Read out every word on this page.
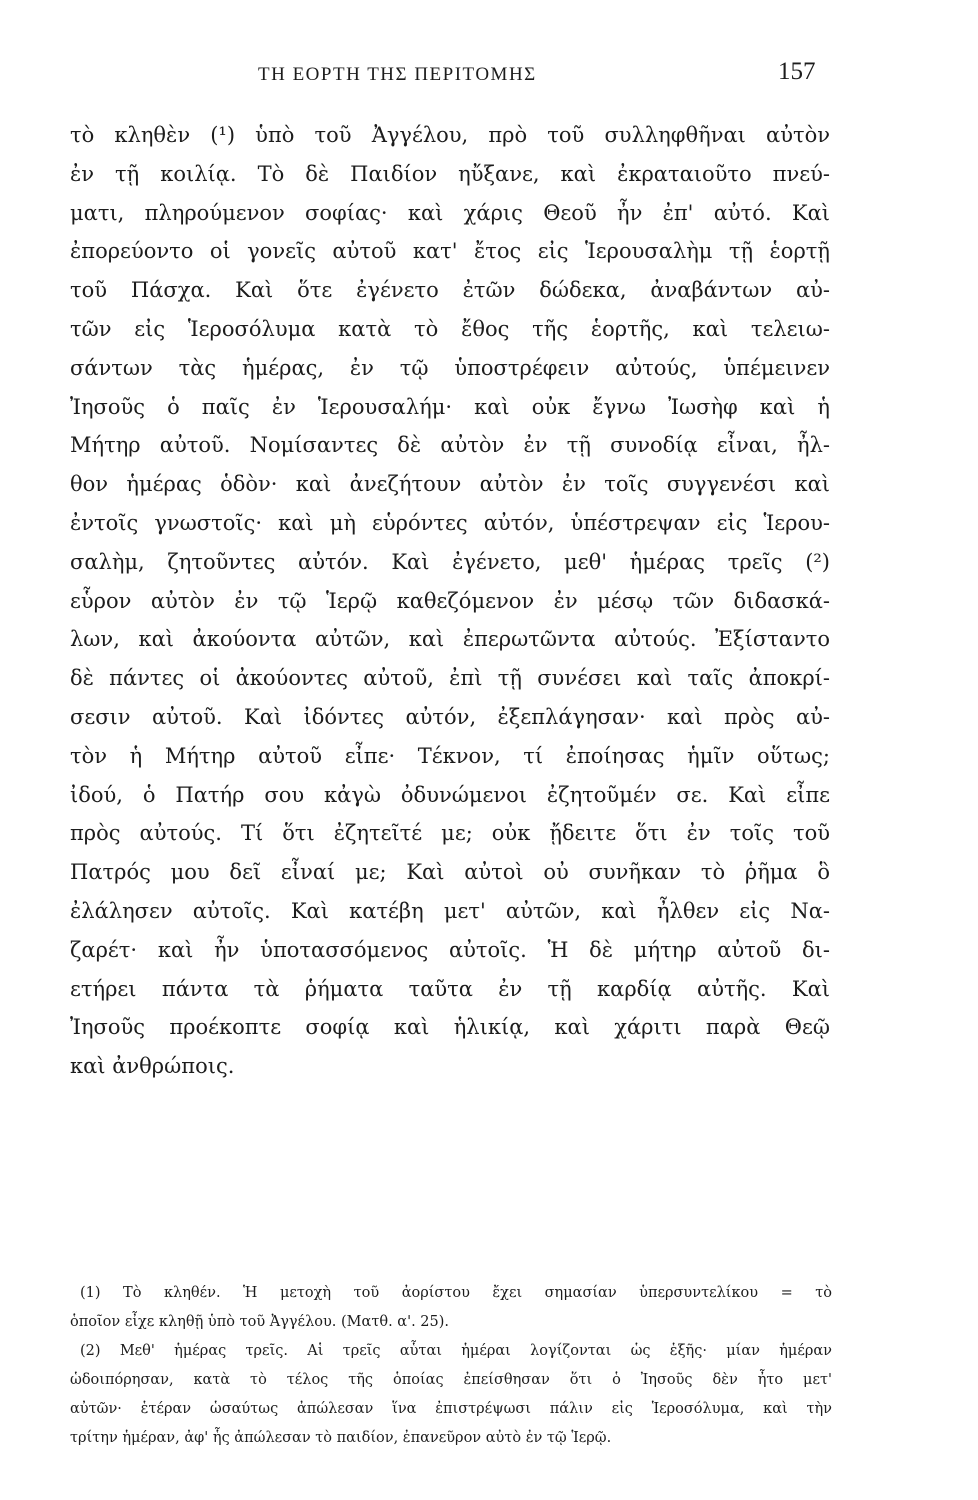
ΤΗ ΕΟΡΤΗ ΤΗΣ ΠΕΡΙΤΟΜΗΣ	157
τὸ κληθὲν (¹) ὑπὸ τοῦ Ἀγγέλου, πρὸ τοῦ συλληφθῆναι αὐτὸν
ἐν τῇ κοιλίᾳ. Τὸ δὲ Παιδίον ηὔξανε, καὶ ἐκραταιοῦτο πνεύ-
ματι, πληρούμενον σοφίας· καὶ χάρις Θεοῦ ἦν ἐπ' αὐτό. Καὶ
ἐπορεύοντο οἱ γονεῖς αὐτοῦ κατ' ἔτος εἰς Ἱερουσαλὴμ τῇ ἑορτῇ
τοῦ Πάσχα. Καὶ ὅτε ἐγένετο ἐτῶν δώδεκα, ἀναβάντων αὐ-
τῶν εἰς Ἱεροσόλυμα κατὰ τὸ ἔθος τῆς ἑορτῆς, καὶ τελειω-
σάντων τὰς ἡμέρας, ἐν τῷ ὑποστρέφειν αὐτούς, ὑπέμεινεν
Ἰησοῦς ὁ παῖς ἐν Ἱερουσαλήμ· καὶ οὐκ ἔγνω Ἰωσὴφ καὶ ἡ
Μήτηρ αὐτοῦ. Νομίσαντες δὲ αὐτὸν ἐν τῇ συνοδίᾳ εἶναι, ἦλ-
θον ἡμέρας ὁδὸν· καὶ ἀνεζήτουν αὐτὸν ἐν τοῖς συγγενέσι καὶ
ἐντοῖς γνωστοῖς· καὶ μὴ εὑρόντες αὐτόν, ὑπέστρεψαν εἰς Ἱερου-
σαλὴμ, ζητοῦντες αὐτόν. Καὶ ἐγένετο, μεθ' ἡμέρας τρεῖς (²)
εὗρον αὐτὸν ἐν τῷ Ἱερῷ καθεζόμενον ἐν μέσῳ τῶν διδασκά-
λων, καὶ ἀκούοντα αὐτῶν, καὶ ἐπερωτῶντα αὐτούς. Ἐξίσταντο
δὲ πάντες οἱ ἀκούοντες αὐτοῦ, ἐπὶ τῇ συνέσει καὶ ταῖς ἀποκρί-
σεσιν αὐτοῦ. Καὶ ἰδόντες αὐτόν, ἐξεπλάγησαν· καὶ πρὸς αὐ-
τὸν ἡ Μήτηρ αὐτοῦ εἶπε· Τέκνον, τί ἐποίησας ἡμῖν οὕτως;
ἰδού, ὁ Πατήρ σου κἀγὼ ὀδυνώμενοι ἐζητοῦμέν σε. Καὶ εἶπε
πρὸς αὐτούς. Τί ὅτι ἐζητεῖτέ με; οὐκ ᾔδειτε ὅτι ἐν τοῖς τοῦ
Πατρός μου δεῖ εἶναί με; Καὶ αὐτοὶ οὐ συνῆκαν τὸ ῥῆμα ὃ
ἐλάλησεν αὐτοῖς. Καὶ κατέβη μετ' αὐτῶν, καὶ ἦλθεν εἰς Να-
ζαρέτ· καὶ ἦν ὑποτασσόμενος αὐτοῖς. Ἡ δὲ μήτηρ αὐτοῦ δι-
ετήρει πάντα τὰ ῥήματα ταῦτα ἐν τῇ καρδίᾳ αὐτῆς. Καὶ
Ἰησοῦς προέκοπτε σοφίᾳ καὶ ἡλικίᾳ, καὶ χάριτι παρὰ Θεῷ
καὶ ἀνθρώποις.
(1) Τὸ κληθέν. Ἡ μετοχὴ τοῦ ἀορίστου ἔχει σημασίαν ὑπερσυντελίκου = τὸ
ὁποῖον εἶχε κληθῇ ὑπὸ τοῦ Ἀγγέλου. (Ματθ. α'. 25).
(2) Μεθ' ἡμέρας τρεῖς. Αἱ τρεῖς αὗται ἡμέραι λογίζονται ὡς ἑξῆς· μίαν ἡμέραν
ὡδοιπόρησαν, κατὰ τὸ τέλος τῆς ὁποίας ἐπείσθησαν ὅτι ὁ Ἰησοῦς δὲν ἦτο μετ'
αὐτῶν· ἑτέραν ὡσαύτως ἀπώλεσαν ἵνα ἐπιστρέψωσι πάλιν εἰς Ἱεροσόλυμα, καὶ τὴν
τρίτην ἡμέραν, ἀφ' ἧς ἀπώλεσαν τὸ παιδίον, ἐπανεῦρον αὐτὸ ἐν τῷ Ἱερῷ.
